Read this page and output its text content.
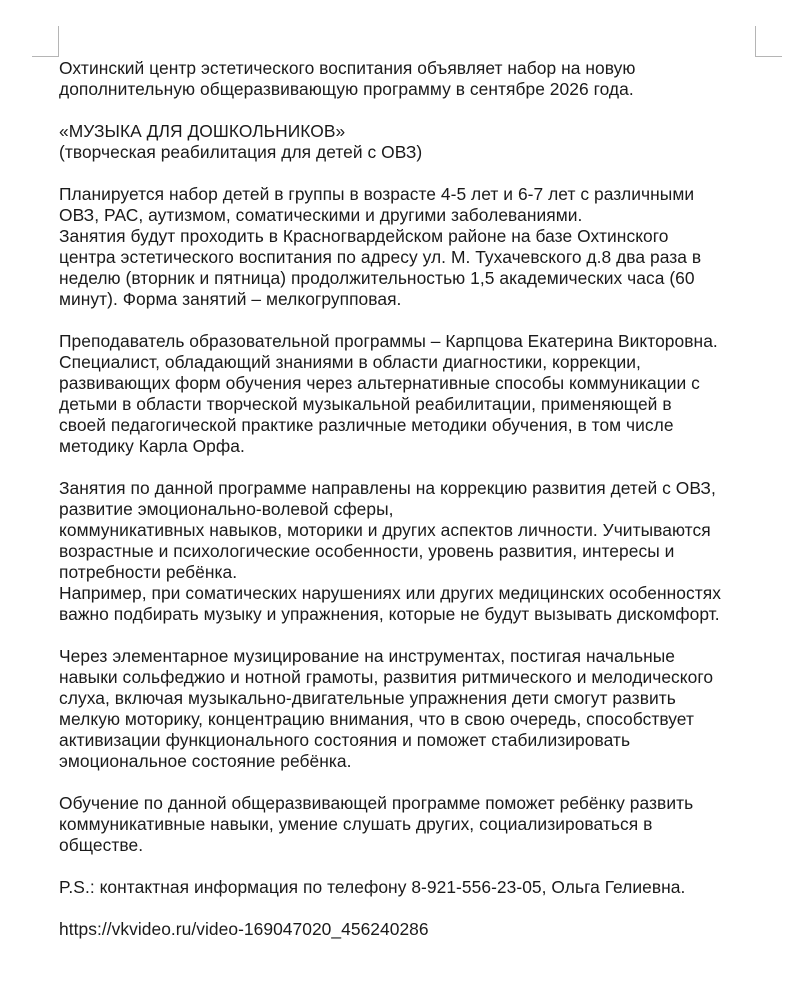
Охтинский центр эстетического воспитания объявляет набор на новую
дополнительную общеразвивающую программу в сентябре 2026 года.

«МУЗЫКА ДЛЯ ДОШКОЛЬНИКОВ»
(творческая реабилитация для детей с ОВЗ)

Планируется набор детей в группы в возрасте 4-5 лет и 6-7 лет с различными
ОВЗ, РАС, аутизмом, соматическими и другими заболеваниями.
Занятия будут проходить в Красногвардейском районе на базе Охтинского
центра эстетического воспитания по адресу ул. М. Тухачевского д.8 два раза в
неделю (вторник и пятница) продолжительностью 1,5 академических часа (60
минут). Форма занятий – мелкогрупповая.

Преподаватель образовательной программы – Карпцова Екатерина Викторовна.
Специалист, обладающий знаниями в области диагностики, коррекции,
развивающих форм обучения через альтернативные способы коммуникации с
детьми в области творческой музыкальной реабилитации, применяющей в
своей педагогической практике различные методики обучения, в том числе
методику Карла Орфа.

Занятия по данной программе направлены на коррекцию развития детей с ОВЗ,
развитие эмоционально-волевой сферы,
коммуникативных навыков, моторики и других аспектов личности. Учитываются
возрастные и психологические особенности, уровень развития, интересы и
потребности ребёнка.
Например, при соматических нарушениях или других медицинских особенностях
важно подбирать музыку и упражнения, которые не будут вызывать дискомфорт.

Через элементарное музицирование на инструментах, постигая начальные
навыки сольфеджио и нотной грамоты, развития ритмического и мелодического
слуха, включая музыкально-двигательные упражнения дети смогут развить
мелкую моторику, концентрацию внимания, что в свою очередь, способствует
активизации функционального состояния и поможет стабилизировать
эмоциональное состояние ребёнка.

Обучение по данной общеразвивающей программе поможет ребёнку развить
коммуникативные навыки, умение слушать других, социализироваться в
обществе.

P.S.: контактная информация по телефону 8-921-556-23-05, Ольга Гелиевна.

https://vkvideo.ru/video-169047020_456240286
